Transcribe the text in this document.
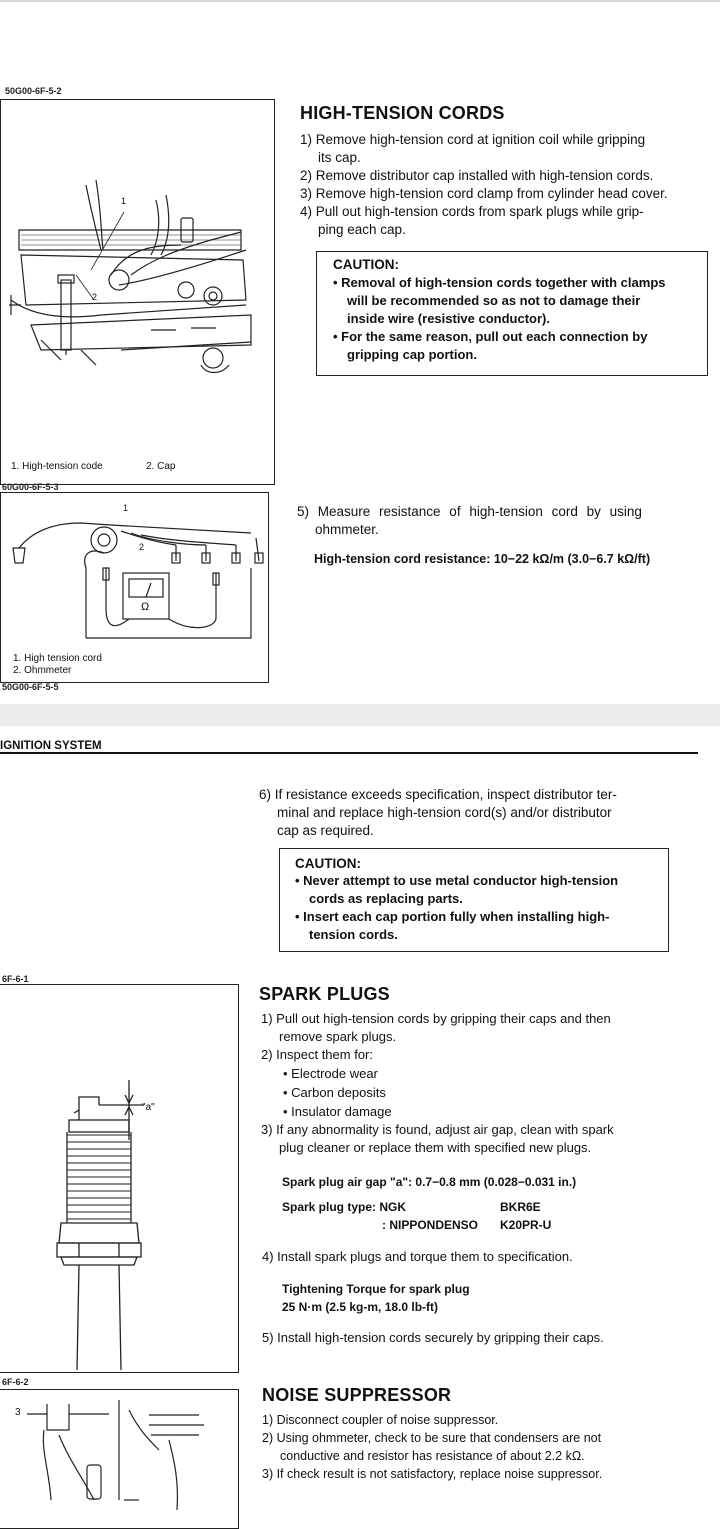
50G00-6F-5-2
1
2
1. High-tension code	2. Cap
60G00-6F-5-3
1
2
Ω
1. High tension cord
2. Ohmmeter
50G00-6F-5-5
HIGH-TENSION CORDS
1) Remove high-tension cord at ignition coil while gripping
its cap.
2) Remove distributor cap installed with high-tension cords.
3) Remove high-tension cord clamp from cylinder head cover.
4) Pull out high-tension cords from spark plugs while grip-
ping each cap.
CAUTION:
• Removal of high-tension cords together with clamps
will be recommended so as not to damage their
inside wire (resistive conductor).
• For the same reason, pull out each connection by
gripping cap portion.
5) Measure resistance of high-tension cord by using
ohmmeter.
High-tension cord resistance: 10−22 kΩ/m (3.0−6.7 kΩ/ft)
IGNITION SYSTEM
6) If resistance exceeds specification, inspect distributor ter-
minal and replace high-tension cord(s) and/or distributor
cap as required.
CAUTION:
• Never attempt to use metal conductor high-tension
cords as replacing parts.
• Insert each cap portion fully when installing high-
tension cords.
6F-6-1
"a"
6F-6-2
3
SPARK PLUGS
1) Pull out high-tension cords by gripping their caps and then
remove spark plugs.
2) Inspect them for:
• Electrode wear
• Carbon deposits
• Insulator damage
3) If any abnormality is found, adjust air gap, clean with spark
plug cleaner or replace them with specified new plugs.
Spark plug air gap "a": 0.7−0.8 mm (0.028−0.031 in.)
Spark plug type: NGK	BKR6E
: NIPPONDENSO K20PR-U
4) Install spark plugs and torque them to specification.
Tightening Torque for spark plug
25 N·m (2.5 kg-m, 18.0 lb-ft)
5) Install high-tension cords securely by gripping their caps.
NOISE SUPPRESSOR
1) Disconnect coupler of noise suppressor.
2) Using ohmmeter, check to be sure that condensers are not
conductive and resistor has resistance of about 2.2 kΩ.
3) If check result is not satisfactory, replace noise suppressor.
